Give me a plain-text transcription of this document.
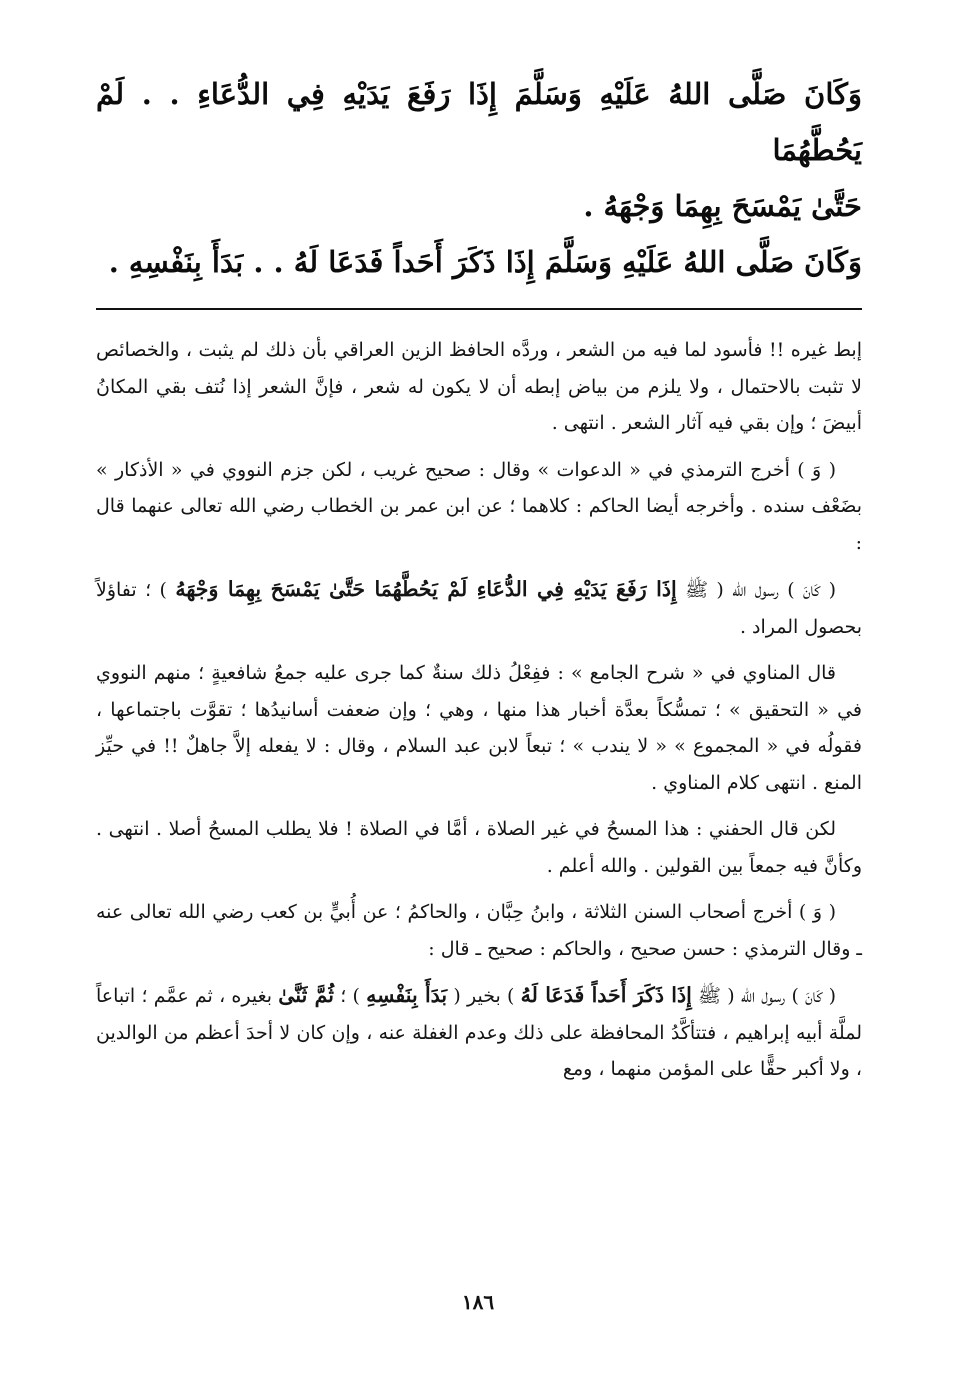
وَكَانَ صَلَّى اللهُ عَلَيْهِ وَسَلَّمَ إِذَا رَفَعَ يَدَيْهِ فِي الدُّعَاءِ . . لَمْ يَحُطَّهُمَا

حَتَّىٰ يَمْسَحَ بِهِمَا وَجْهَهُ .

وَكَانَ صَلَّى اللهُ عَلَيْهِ وَسَلَّمَ إِذَا ذَكَرَ أَحَداً فَدَعَا لَهُ . . بَدَأَ بِنَفْسِهِ .

إبط غيره !! فأسود لما فيه من الشعر ، وردَّه الحافظ الزين العراقي بأن ذلك لم يثبت ، والخصائص لا تثبت بالاحتمال ، ولا يلزم من بياض إبطه أن لا يكون له شعر ، فإنَّ الشعر إذا نُتف بقي المكانُ أبيضَ ؛ وإن بقي فيه آثار الشعر . انتهى .

( وَ ) أخرج الترمذي في « الدعوات » وقال : صحيح غريب ، لكن جزم النووي في « الأذكار » بضَعْف سنده . وأخرجه أيضا الحاكم : كلاهما ؛ عن ابن عمر بن الخطاب رضي الله تعالى عنهما قال :

( كَانَ ) رسول الله ( ﷺ إِذَا رَفَعَ يَدَيْهِ فِي الدُّعَاءِ لَمْ يَحُطَّهُمَا حَتَّىٰ يَمْسَحَ بِهِمَا وَجْهَهُ ) ؛ تفاؤلاً بحصول المراد .

قال المناوي في « شرح الجامع » : ففِعْلُ ذلك سنةٌ كما جرى عليه جمعُ شافعيةٍ ؛ منهم النووي في « التحقيق » ؛ تمسُّكاً بعدَّة أخبار هذا منها ، وهي ؛ وإن ضعفت أسانيدُها ؛ تقوَّت باجتماعها ، فقولُه في « المجموع » « لا يندب » ؛ تبعاً لابن عبد السلام ، وقال : لا يفعله إلاَّ جاهلٌ !! في حيِّز المنع . انتهى كلام المناوي .

لكن قال الحفني : هذا المسحُ في غير الصلاة ، أمَّا في الصلاة ! فلا يطلب المسحُ أصلا . انتهى . وكأنَّ فيه جمعاً بين القولين . والله أعلم .

( وَ ) أخرج أصحاب السنن الثلاثة ، وابنُ حِبَّان ، والحاكمُ ؛ عن أُبيٍّ بن كعب رضي الله تعالى عنه ـ وقال الترمذي : حسن صحيح ، والحاكم : صحيح ـ قال :

( كَانَ ) رسول الله ( ﷺ إِذَا ذَكَرَ أَحَداً فَدَعَا لَهُ ) بخير ( بَدَأَ بِنَفْسِهِ ) ؛ ثُمَّ ثَنَّىٰ بغيره ، ثم عمَّم ؛ اتباعاً لملَّة أبيه إبراهيم ، فتتأكَّدُ المحافظة على ذلك وعدم الغفلة عنه ، وإن كان لا أحدَ أعظم من الوالدين ، ولا أكبر حقًّا على المؤمن منهما ، ومع

١٨٦
